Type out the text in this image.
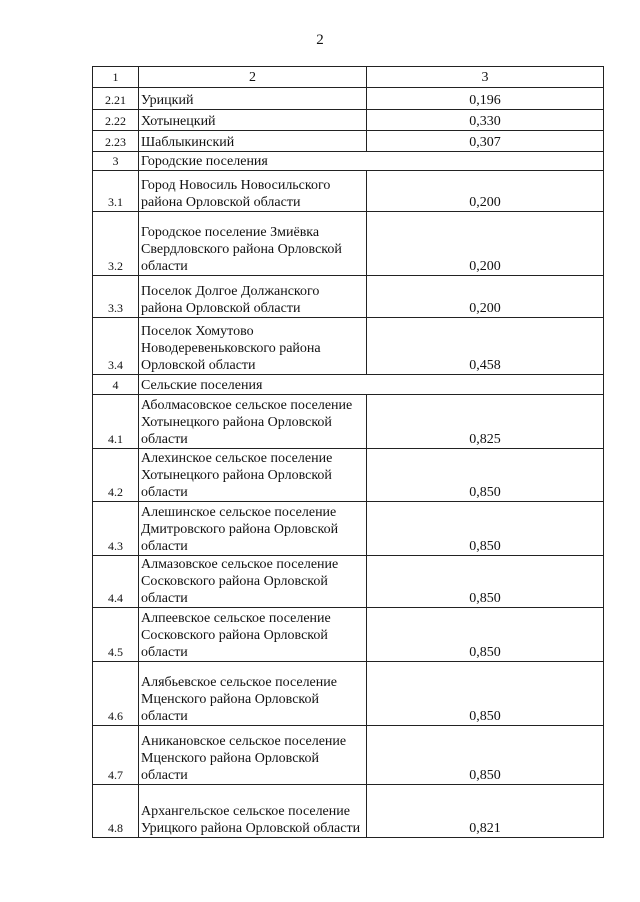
2
1	2	3
2.21	Урицкий	0,196
2.22	Хотынецкий	0,330
2.23	Шаблыкинский	0,307
3	Городские поселения	
3.1	Город Новосиль Новосильского района Орловской области	0,200
3.2	Городское поселение Змиёвка Свердловского района Орловской области	0,200
3.3	Поселок Долгое Должанского района Орловской области	0,200
3.4	Поселок Хомутово Новодеревеньковского района Орловской области	0,458
4	Сельские поселения	
4.1	Аболмасовское сельское поселение Хотынецкого района Орловской области	0,825
4.2	Алехинское сельское поселение Хотынецкого района Орловской области	0,850
4.3	Алешинское сельское поселение Дмитровского района Орловской области	0,850
4.4	Алмазовское сельское поселение Сосковского района Орловской области	0,850
4.5	Алпеевское сельское поселение Сосковского района Орловской области	0,850
4.6	Алябьевское сельское поселение Мценского района Орловской области	0,850
4.7	Аникановское сельское поселение Мценского района Орловской области	0,850
4.8	Архангельское сельское поселение Урицкого района Орловской области	0,821
